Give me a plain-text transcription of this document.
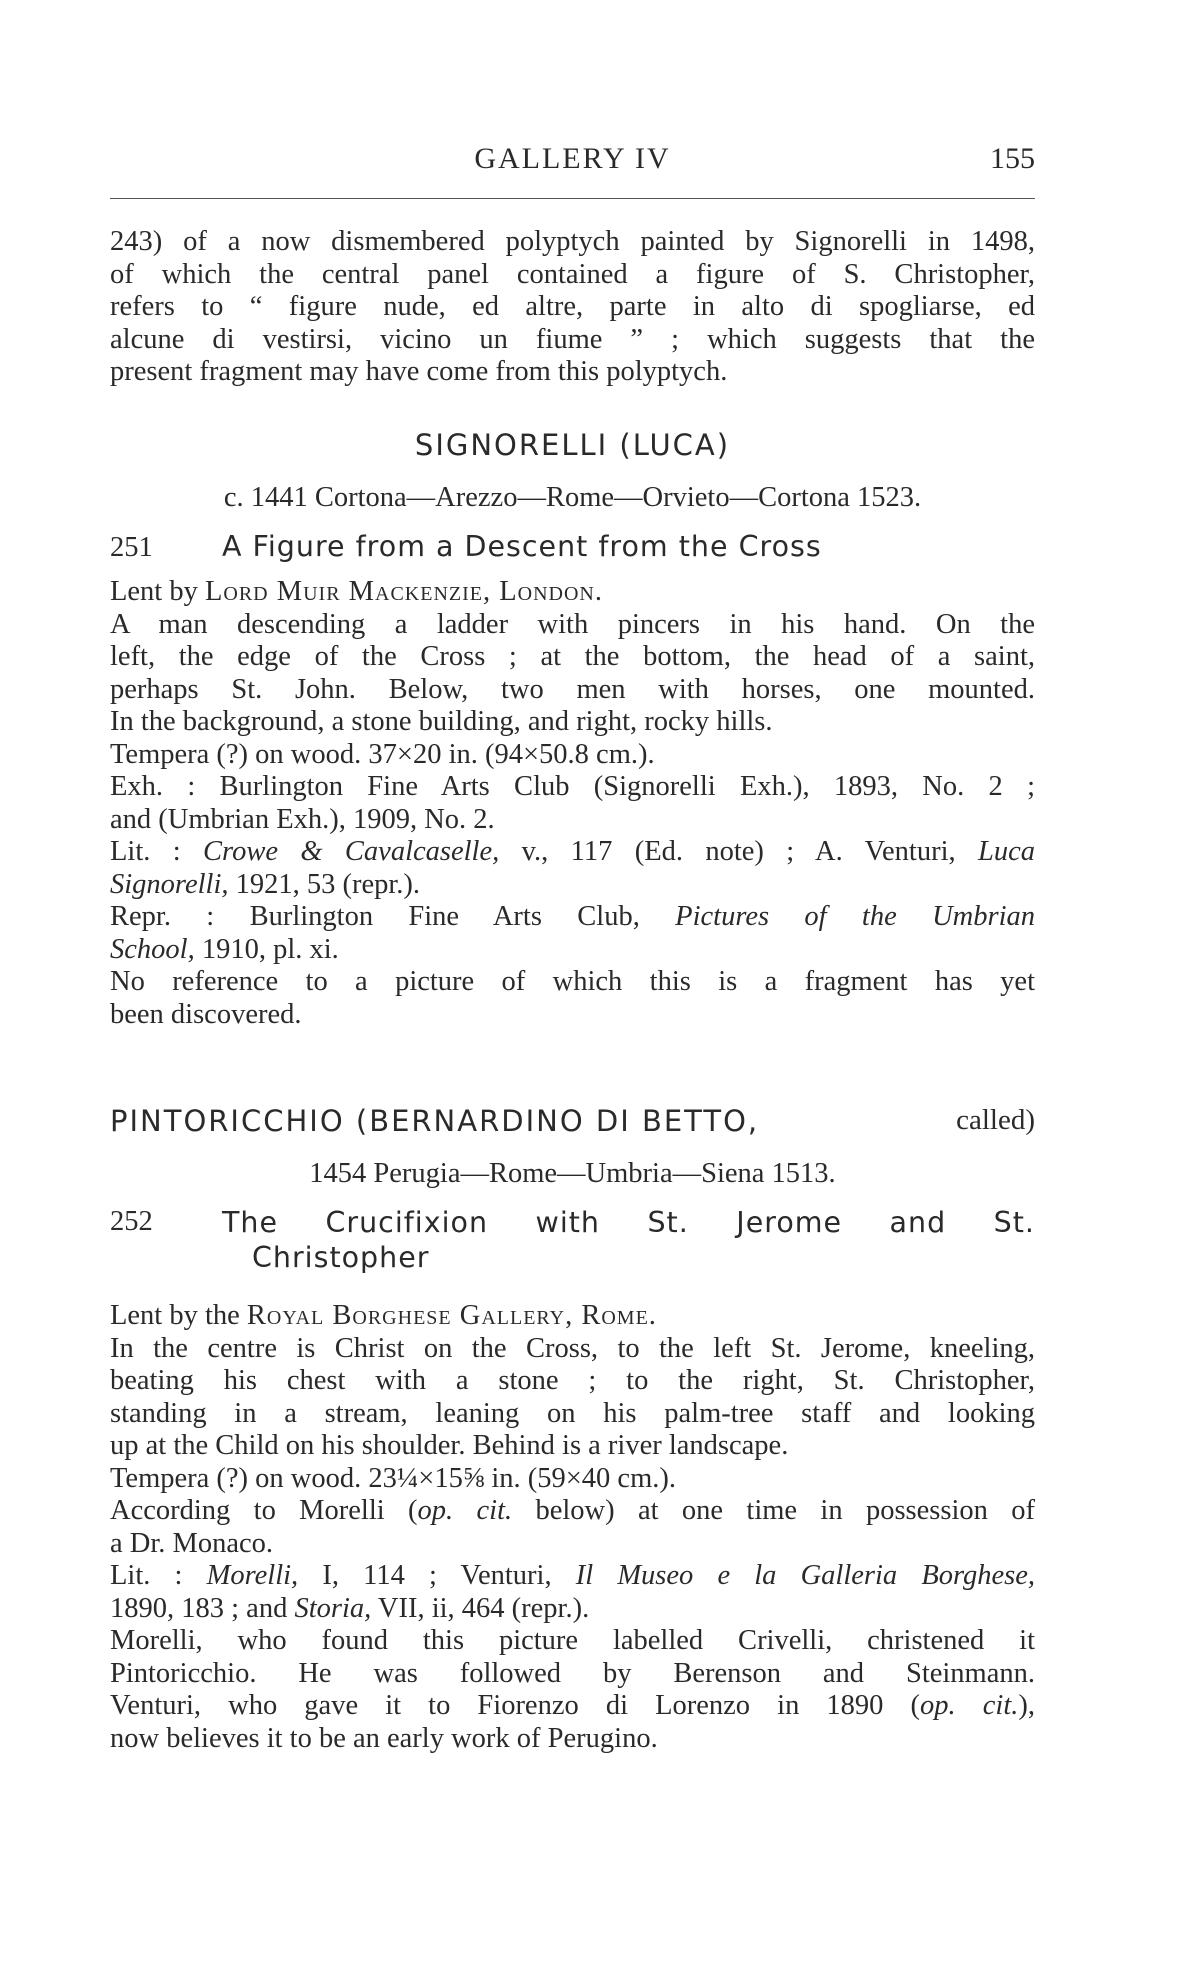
GALLERY IV	155
243) of a now dismembered polyptych painted by Signorelli in 1498,
of which the central panel contained a figure of S. Christopher,
refers to “ figure nude, ed altre, parte in alto di spogliarse, ed
alcune di vestirsi, vicino un fiume ” ; which suggests that the
present fragment may have come from this polyptych.
SIGNORELLI (LUCA)
c. 1441 Cortona—Arezzo—Rome—Orvieto—Cortona 1523.
251 A Figure from a Descent from the Cross
Lent by Lord Muir Mackenzie, London.
A man descending a ladder with pincers in his hand. On the
left, the edge of the Cross ; at the bottom, the head of a saint,
perhaps St. John. Below, two men with horses, one mounted.
In the background, a stone building, and right, rocky hills.
Tempera (?) on wood. 37×20 in. (94×50.8 cm.).
Exh. : Burlington Fine Arts Club (Signorelli Exh.), 1893, No. 2 ;
and (Umbrian Exh.), 1909, No. 2.
Lit. : Crowe & Cavalcaselle, v., 117 (Ed. note) ; A. Venturi, Luca
Signorelli, 1921, 53 (repr.).
Repr. : Burlington Fine Arts Club, Pictures of the Umbrian
School, 1910, pl. xi.
No reference to a picture of which this is a fragment has yet
been discovered.
PINTORICCHIO (BERNARDINO DI BETTO,	called)
1454 Perugia—Rome—Umbria—Siena 1513.
252	The Crucifixion with St. Jerome and St.
Christopher
Lent by the Royal Borghese Gallery, Rome.
In the centre is Christ on the Cross, to the left St. Jerome, kneeling,
beating his chest with a stone ; to the right, St. Christopher,
standing in a stream, leaning on his palm-tree staff and looking
up at the Child on his shoulder. Behind is a river landscape.
Tempera (?) on wood. 23¼×15⅝ in. (59×40 cm.).
According to Morelli (op. cit. below) at one time in possession of
a Dr. Monaco.
Lit. : Morelli, I, 114 ; Venturi, Il Museo e la Galleria Borghese,
1890, 183 ; and Storia, VII, ii, 464 (repr.).
Morelli, who found this picture labelled Crivelli, christened it
Pintoricchio. He was followed by Berenson and Steinmann.
Venturi, who gave it to Fiorenzo di Lorenzo in 1890 (op. cit.),
now believes it to be an early work of Perugino.
